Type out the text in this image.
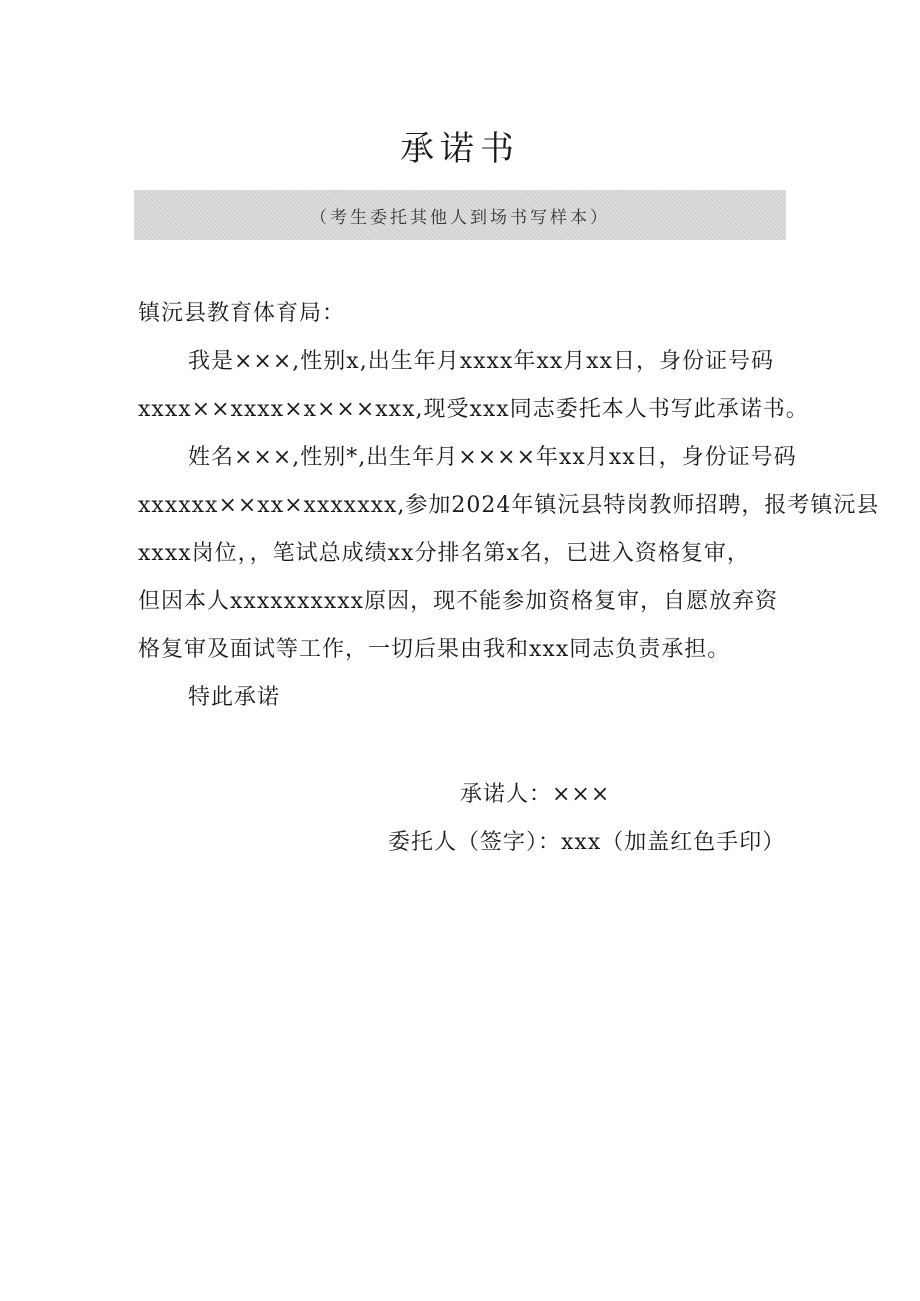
承诺书
（考生委托其他人到场书写样本）
镇沅县教育体育局：
我是×××,性别x,出生年月xxxx年xx月xx日，身份证号码
xxxx××xxxx×x×××xxx,现受xxx同志委托本人书写此承诺书。
姓名×××,性别*,出生年月××××年xx月xx日，身份证号码
xxxxxx××xx×xxxxxxx,参加2024年镇沅县特岗教师招聘，报考镇沅县
xxxx岗位，，笔试总成绩xx分排名第x名，已进入资格复审，
但因本人xxxxxxxxxx原因，现不能参加资格复审，自愿放弃资
格复审及面试等工作，一切后果由我和xxx同志负责承担。
特此承诺
承诺人：×××
委托人（签字）：xxx（加盖红色手印）
